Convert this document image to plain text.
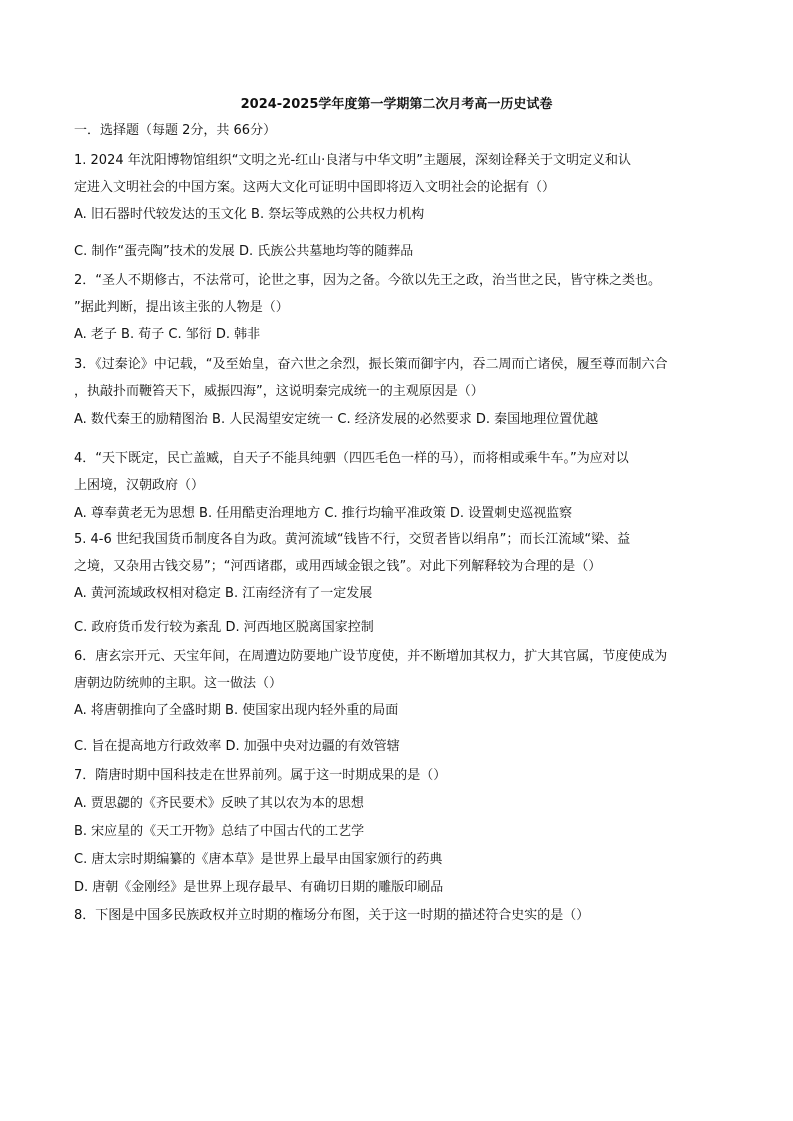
2024-2025学年度第一学期第二次月考高一历史试卷
一．选择题（每题 2分，共 66分）
1. 2024 年沈阳博物馆组织“文明之光-红山·良渚与中华文明”主题展，深刻诠释关于文明定义和认
定进入文明社会的中国方案。这两大文化可证明中国即将迈入文明社会的论据有（）
A. 旧石器时代较发达的玉文化 B. 祭坛等成熟的公共权力机构
C. 制作“蛋壳陶”技术的发展 D. 氏族公共墓地均等的随葬品
2．“圣人不期修古，不法常可，论世之事，因为之备。今欲以先王之政，治当世之民，皆守株之类也。
”据此判断，提出该主张的人物是（）
A. 老子 B. 荀子 C. 邹衍 D. 韩非
3．《过秦论》中记载，“及至始皇，奋六世之余烈，振长策而御宇内，吞二周而亡诸侯，履至尊而制六合
，执敲扑而鞭笞天下，威振四海”，这说明秦完成统一的主观原因是（）
A. 数代秦王的励精图治 B. 人民渴望安定统一 C. 经济发展的必然要求 D. 秦国地理位置优越
4．“天下既定，民亡盖臧，自天子不能具纯驷（四匹毛色一样的马），而将相或乘牛车。”为应对以
上困境，汉朝政府（）
A. 尊奉黄老无为思想 B. 任用酷吏治理地方 C. 推行均输平准政策 D. 设置刺史巡视监察
5. 4-6 世纪我国货币制度各自为政。黄河流域“钱皆不行，交贸者皆以绢帛”；而长江流域“梁、益
之境，又杂用古钱交易”；“河西诸郡，或用西域金银之钱”。对此下列解释较为合理的是（）
A. 黄河流域政权相对稳定 B. 江南经济有了一定发展
C. 政府货币发行较为紊乱 D. 河西地区脱离国家控制
6．唐玄宗开元、天宝年间，在周遭边防要地广设节度使，并不断增加其权力，扩大其官属，节度使成为
唐朝边防统帅的主职。这一做法（）
A. 将唐朝推向了全盛时期 B. 使国家出现内轻外重的局面
C. 旨在提高地方行政效率 D. 加强中央对边疆的有效管辖
7．隋唐时期中国科技走在世界前列。属于这一时期成果的是（）
A. 贾思勰的《齐民要术》反映了其以农为本的思想
B. 宋应星的《天工开物》总结了中国古代的工艺学
C. 唐太宗时期编纂的《唐本草》是世界上最早由国家颁行的药典
D. 唐朝《金刚经》是世界上现存最早、有确切日期的雕版印刷品
8．下图是中国多民族政权并立时期的権场分布图，关于这一时期的描述符合史实的是（）
